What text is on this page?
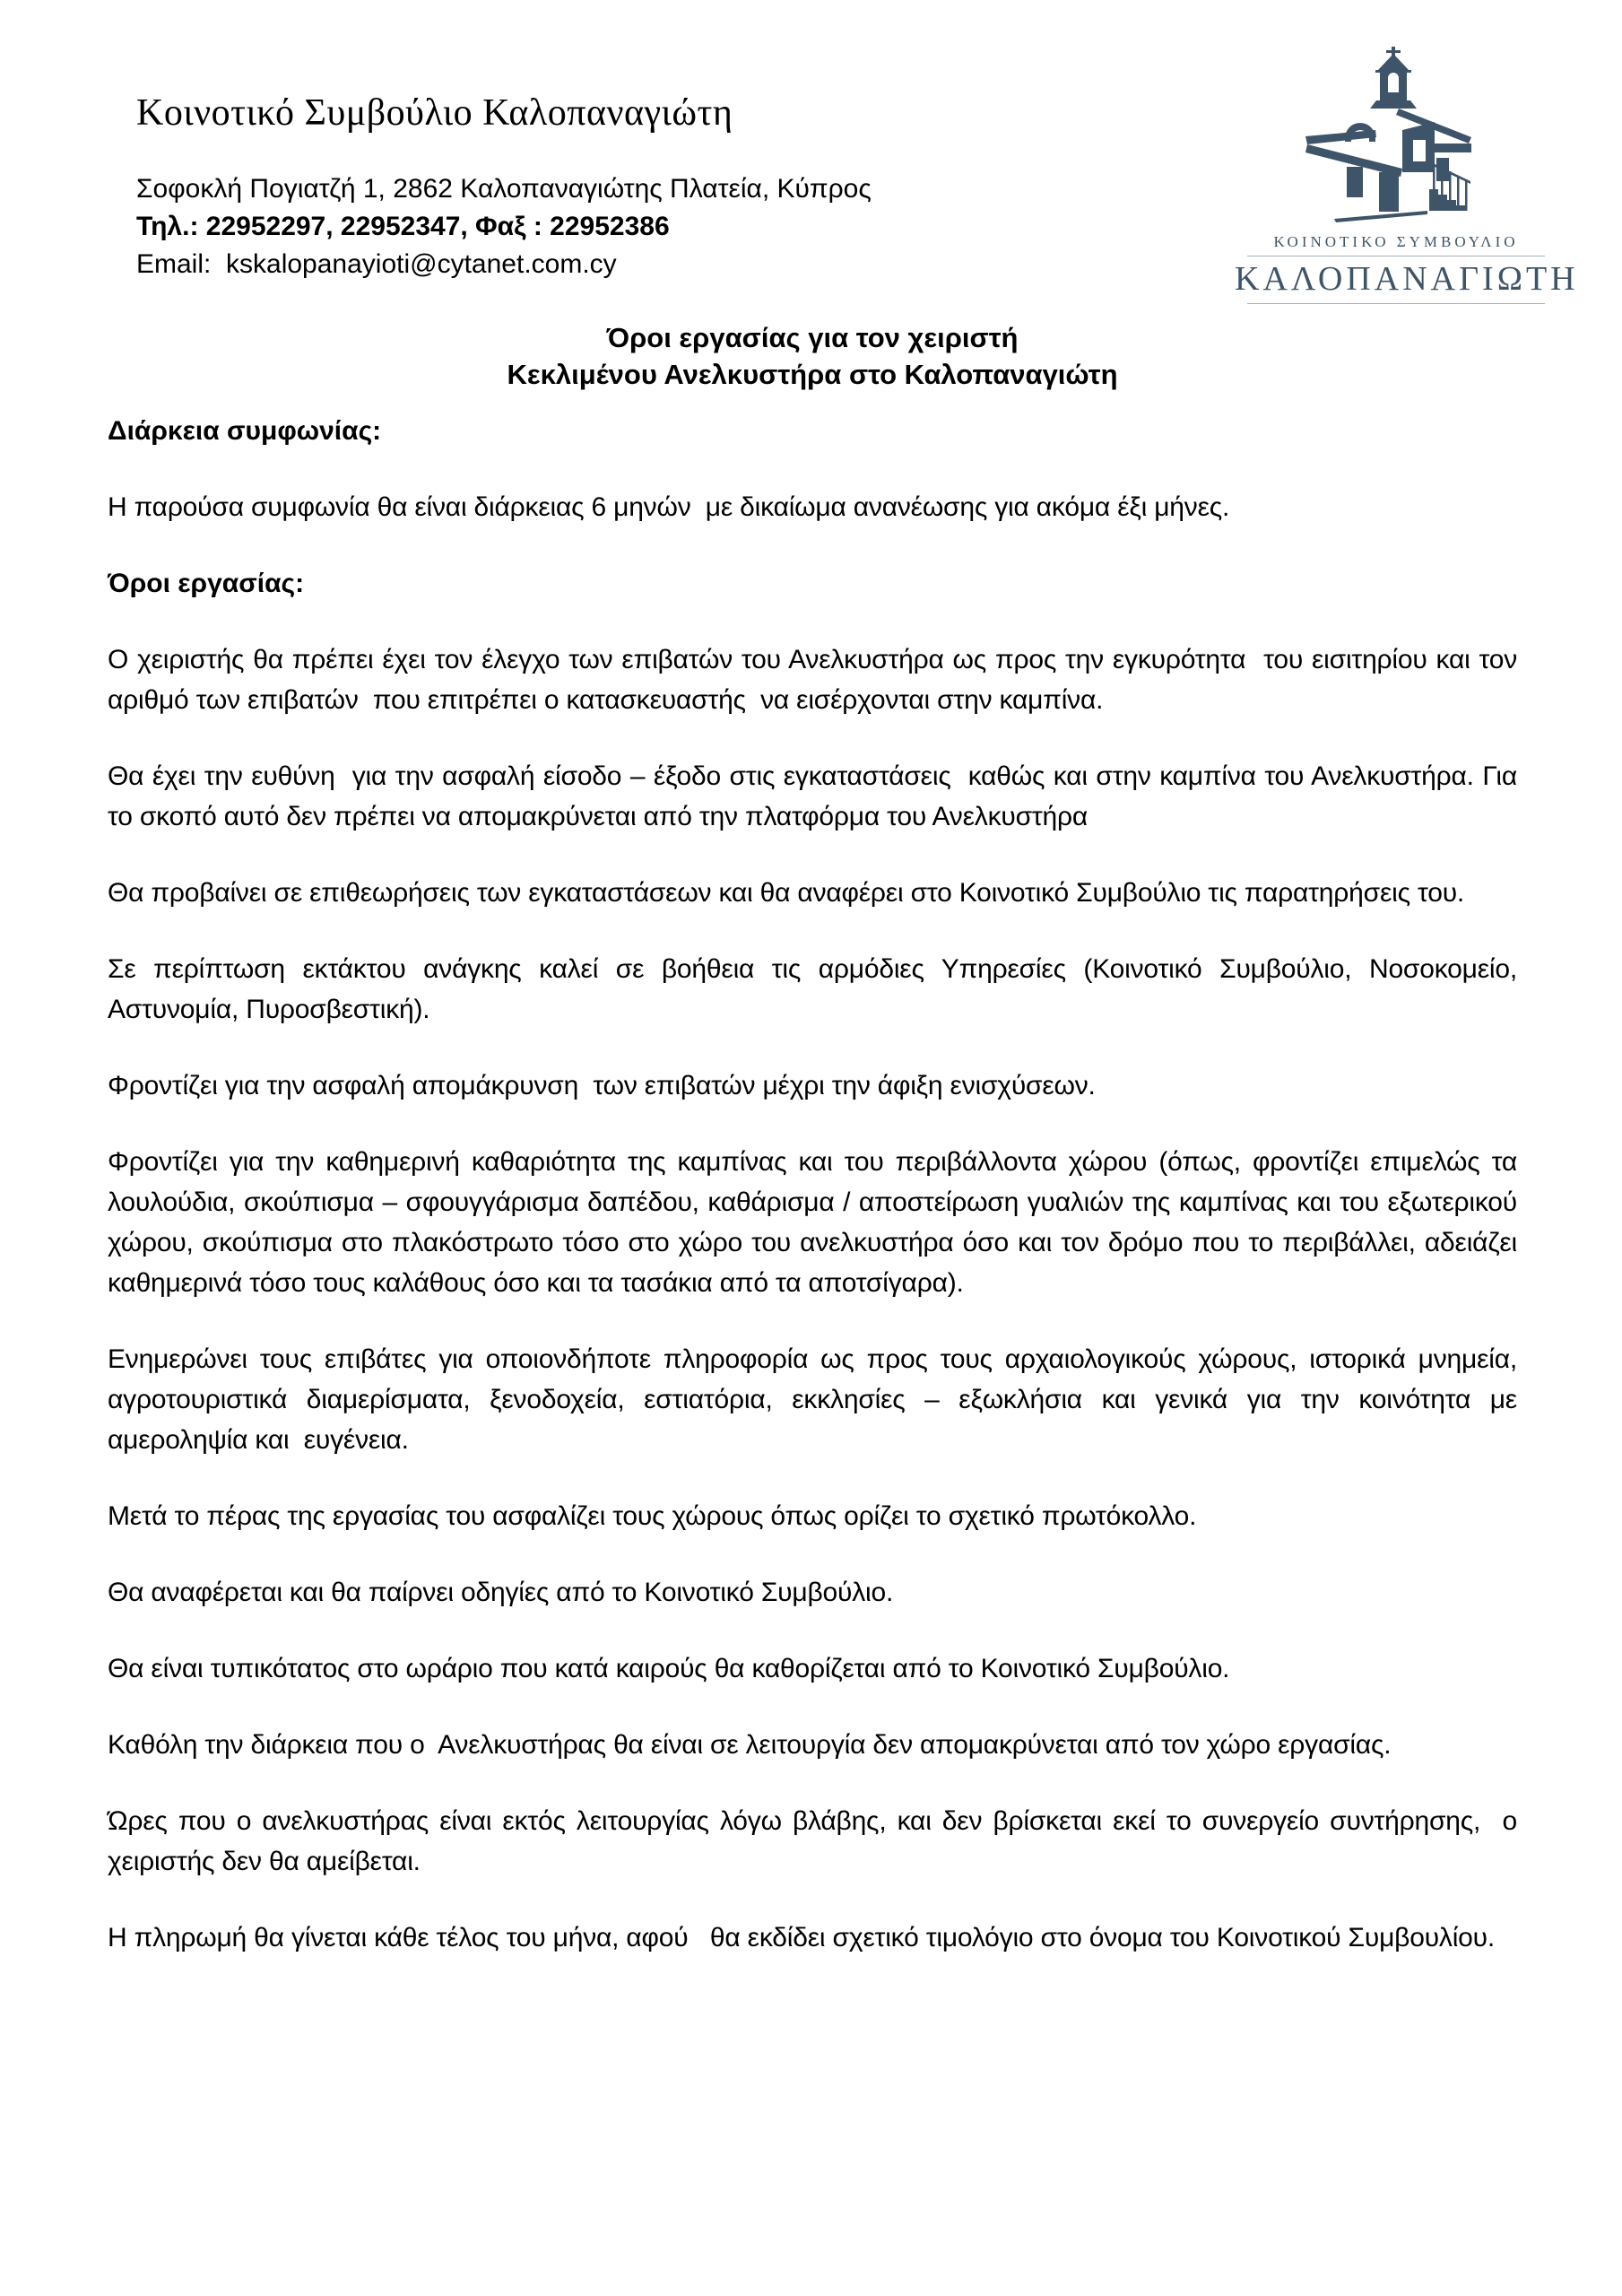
Κοινοτικό Συμβούλιο Καλοπαναγιώτη
Σοφοκλή Πογιατζή 1, 2862 Καλοπαναγιώτης Πλατεία, Κύπρος
Τηλ.: 22952297, 22952347, Φαξ : 22952386
Email:  kskalopanayioti@cytanet.com.cy
ΚΟΙΝΟΤΙΚΟ ΣΥΜΒΟΥΛΙΟ
ΚΑΛΟΠΑΝΑΓΙΩΤΗ
Όροι εργασίας για τον χειριστή
Κεκλιμένου Ανελκυστήρα στο Καλοπαναγιώτη
Διάρκεια συμφωνίας:

Η παρούσα συμφωνία θα είναι διάρκειας 6 μηνών  με δικαίωμα ανανέωσης για ακόμα έξι μήνες.

Όροι εργασίας:

Ο χειριστής θα πρέπει έχει τον έλεγχο των επιβατών του Ανελκυστήρα ως προς την εγκυρότητα  του εισιτηρίου και τον αριθμό των επιβατών  που επιτρέπει ο κατασκευαστής  να εισέρχονται στην καμπίνα.

Θα έχει την ευθύνη  για την ασφαλή είσοδο – έξοδο στις εγκαταστάσεις  καθώς και στην καμπίνα του Ανελκυστήρα. Για το σκοπό αυτό δεν πρέπει να απομακρύνεται από την πλατφόρμα του Ανελκυστήρα

Θα προβαίνει σε επιθεωρήσεις των εγκαταστάσεων και θα αναφέρει στο Κοινοτικό Συμβούλιο τις παρατηρήσεις του.

Σε περίπτωση εκτάκτου ανάγκης καλεί σε βοήθεια τις αρμόδιες Υπηρεσίες (Κοινοτικό Συμβούλιο, Νοσοκομείο, Αστυνομία, Πυροσβεστική).

Φροντίζει για την ασφαλή απομάκρυνση  των επιβατών μέχρι την άφιξη ενισχύσεων.

Φροντίζει για την καθημερινή καθαριότητα της καμπίνας και του περιβάλλοντα χώρου (όπως, φροντίζει επιμελώς τα λουλούδια, σκούπισμα – σφουγγάρισμα δαπέδου, καθάρισμα / αποστείρωση γυαλιών της καμπίνας και του εξωτερικού χώρου, σκούπισμα στο πλακόστρωτο τόσο στο χώρο του ανελκυστήρα όσο και τον δρόμο που το περιβάλλει, αδειάζει καθημερινά τόσο τους καλάθους όσο και τα τασάκια από τα αποτσίγαρα).

Ενημερώνει τους επιβάτες για οποιονδήποτε πληροφορία ως προς τους αρχαιολογικούς χώρους, ιστορικά μνημεία, αγροτουριστικά διαμερίσματα, ξενοδοχεία, εστιατόρια, εκκλησίες – εξωκλήσια και γενικά για την κοινότητα με αμεροληψία και  ευγένεια.

Μετά το πέρας της εργασίας του ασφαλίζει τους χώρους όπως ορίζει το σχετικό πρωτόκολλο.

Θα αναφέρεται και θα παίρνει οδηγίες από το Κοινοτικό Συμβούλιο.

Θα είναι τυπικότατος στο ωράριο που κατά καιρούς θα καθορίζεται από το Κοινοτικό Συμβούλιο.

Καθόλη την διάρκεια που ο  Ανελκυστήρας θα είναι σε λειτουργία δεν απομακρύνεται από τον χώρο εργασίας.

Ώρες που ο ανελκυστήρας είναι εκτός λειτουργίας λόγω βλάβης, και δεν βρίσκεται εκεί το συνεργείο συντήρησης,  ο χειριστής δεν θα αμείβεται.

Η πληρωμή θα γίνεται κάθε τέλος του μήνα, αφού   θα εκδίδει σχετικό τιμολόγιο στο όνομα του Κοινοτικού Συμβουλίου.
